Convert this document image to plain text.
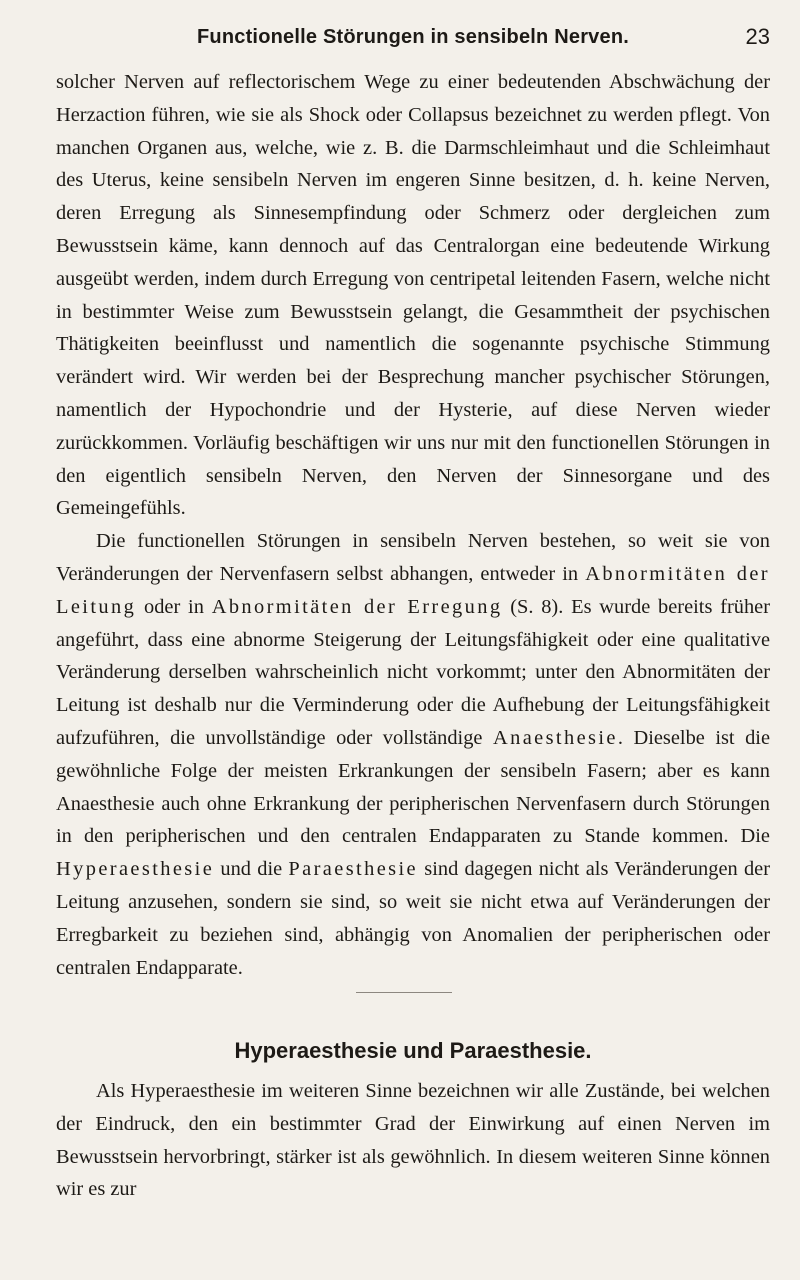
Functionelle Störungen in sensibeln Nerven.	23

solcher Nerven auf reflectorischem Wege zu einer bedeutenden Abschwächung der Herzaction führen, wie sie als Shock oder Collapsus bezeichnet zu werden pflegt. Von manchen Organen aus, welche, wie z. B. die Darmschleimhaut und die Schleimhaut des Uterus, keine sensibeln Nerven im engeren Sinne besitzen, d. h. keine Nerven, deren Erregung als Sinnesempfindung oder Schmerz oder dergleichen zum Bewusstsein käme, kann dennoch auf das Centralorgan eine bedeutende Wirkung ausgeübt werden, indem durch Erregung von centripetal leitenden Fasern, welche nicht in bestimmter Weise zum Bewusstsein gelangt, die Gesammtheit der psychischen Thätigkeiten beeinflusst und namentlich die sogenannte psychische Stimmung verändert wird. Wir werden bei der Besprechung mancher psychischer Störungen, namentlich der Hypochondrie und der Hysterie, auf diese Nerven wieder zurückkommen. Vorläufig beschäftigen wir uns nur mit den functionellen Störungen in den eigentlich sensibeln Nerven, den Nerven der Sinnesorgane und des Gemeingefühls.

Die functionellen Störungen in sensibeln Nerven bestehen, so weit sie von Veränderungen der Nervenfasern selbst abhangen, entweder in Abnormitäten der Leitung oder in Abnormitäten der Erregung (S. 8). Es wurde bereits früher angeführt, dass eine abnorme Steigerung der Leitungsfähigkeit oder eine qualitative Veränderung derselben wahrscheinlich nicht vorkommt; unter den Abnormitäten der Leitung ist deshalb nur die Verminderung oder die Aufhebung der Leitungsfähigkeit aufzuführen, die unvollständige oder vollständige Anaesthesie. Dieselbe ist die gewöhnliche Folge der meisten Erkrankungen der sensibeln Fasern; aber es kann Anaesthesie auch ohne Erkrankung der peripherischen Nervenfasern durch Störungen in den peripherischen und den centralen Endapparaten zu Stande kommen. Die Hyperaesthesie und die Paraesthesie sind dagegen nicht als Veränderungen der Leitung anzusehen, sondern sie sind, so weit sie nicht etwa auf Veränderungen der Erregbarkeit zu beziehen sind, abhängig von Anomalien der peripherischen oder centralen Endapparate.

Hyperaesthesie und Paraesthesie.

Als Hyperaesthesie im weiteren Sinne bezeichnen wir alle Zustände, bei welchen der Eindruck, den ein bestimmter Grad der Einwirkung auf einen Nerven im Bewusstsein hervorbringt, stärker ist als gewöhnlich. In diesem weiteren Sinne können wir es zur
